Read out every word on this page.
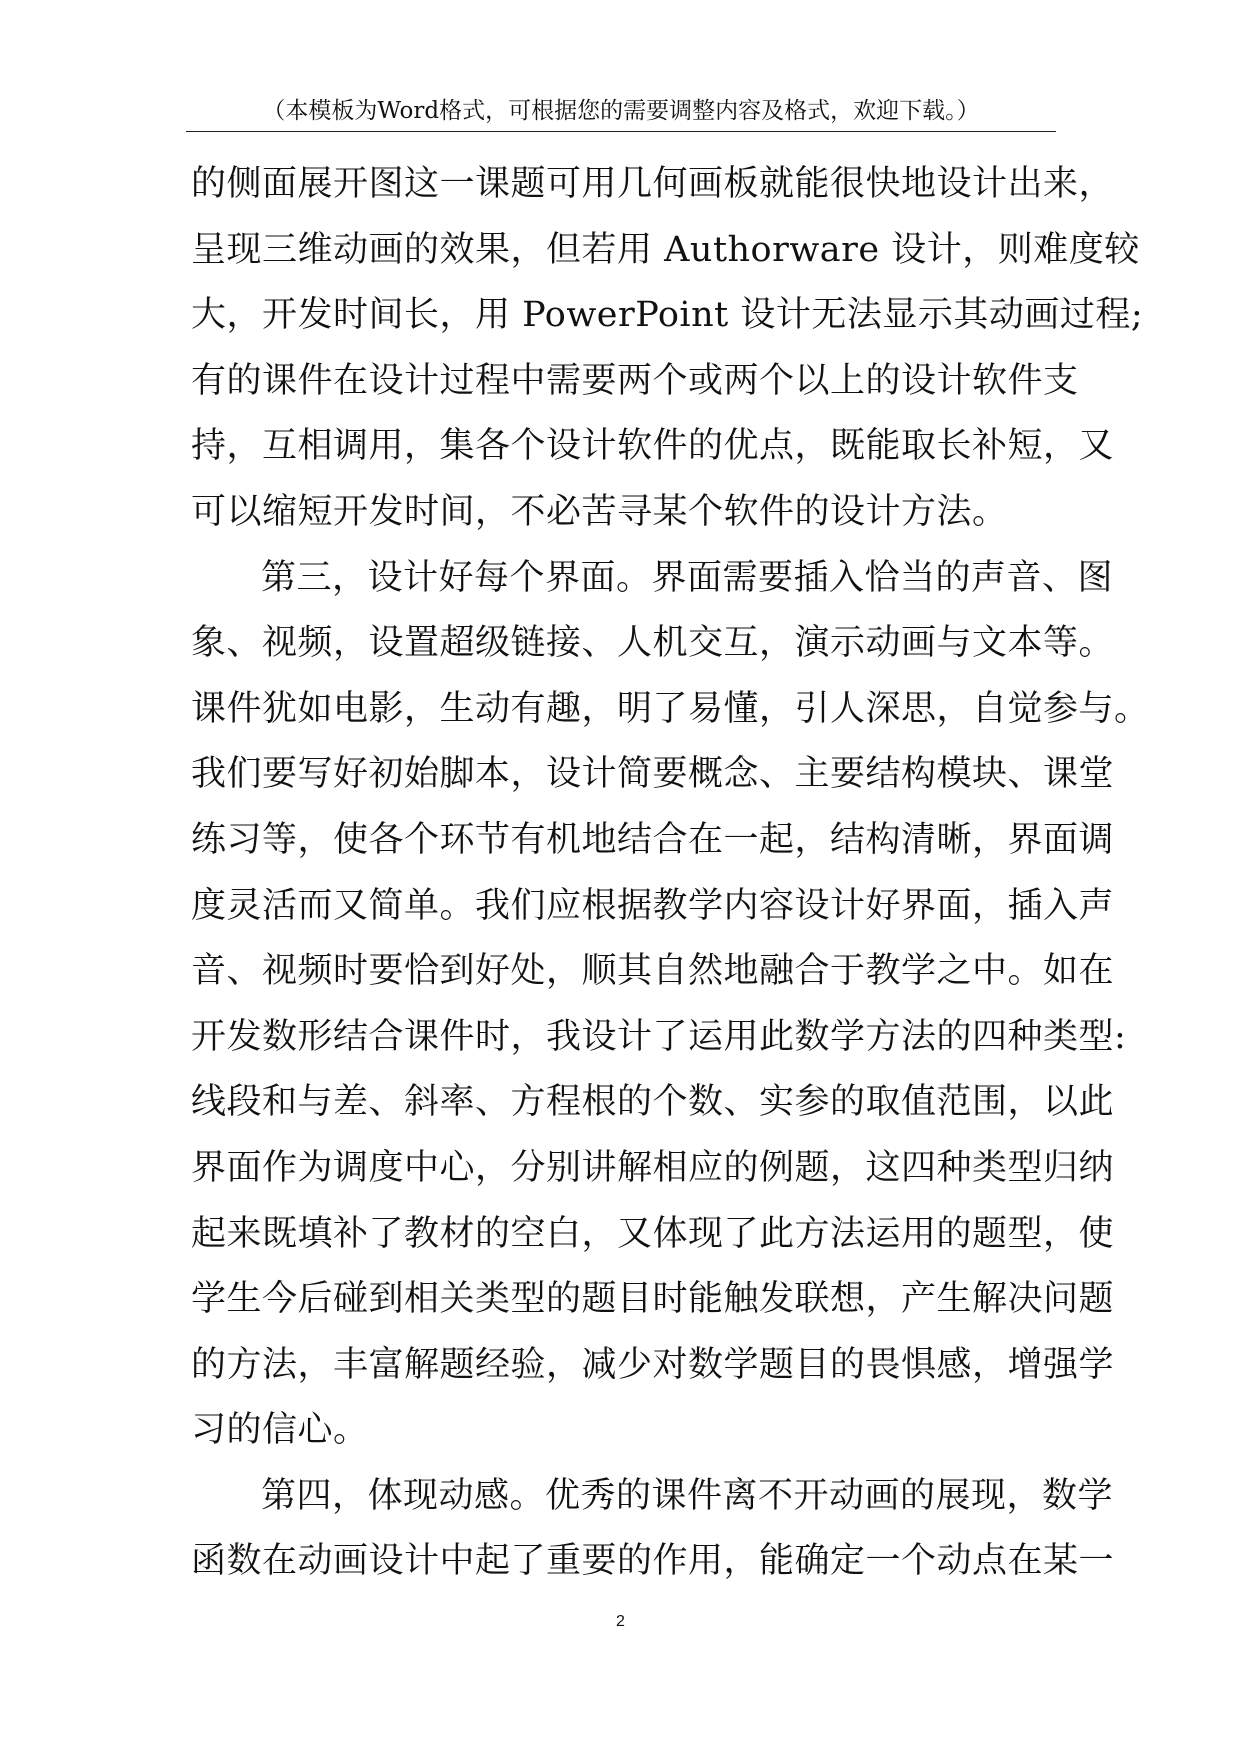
（本模板为Word格式，可根据您的需要调整内容及格式，欢迎下载。）
的侧面展开图这一课题可用几何画板就能很快地设计出来，
呈现三维动画的效果，但若用 Authorware 设计，则难度较
大，开发时间长，用 PowerPoint 设计无法显示其动画过程;
有的课件在设计过程中需要两个或两个以上的设计软件支
持，互相调用，集各个设计软件的优点，既能取长补短，又
可以缩短开发时间，不必苦寻某个软件的设计方法。
第三，设计好每个界面。界面需要插入恰当的声音、图
象、视频，设置超级链接、人机交互，演示动画与文本等。
课件犹如电影，生动有趣，明了易懂，引人深思，自觉参与。
我们要写好初始脚本，设计简要概念、主要结构模块、课堂
练习等，使各个环节有机地结合在一起，结构清晰，界面调
度灵活而又简单。我们应根据教学内容设计好界面，插入声
音、视频时要恰到好处，顺其自然地融合于教学之中。如在
开发数形结合课件时，我设计了运用此数学方法的四种类型:
线段和与差、斜率、方程根的个数、实参的取值范围，以此
界面作为调度中心，分别讲解相应的例题，这四种类型归纳
起来既填补了教材的空白，又体现了此方法运用的题型，使
学生今后碰到相关类型的题目时能触发联想，产生解决问题
的方法，丰富解题经验，减少对数学题目的畏惧感，增强学
习的信心。
第四，体现动感。优秀的课件离不开动画的展现，数学
函数在动画设计中起了重要的作用，能确定一个动点在某一
2
